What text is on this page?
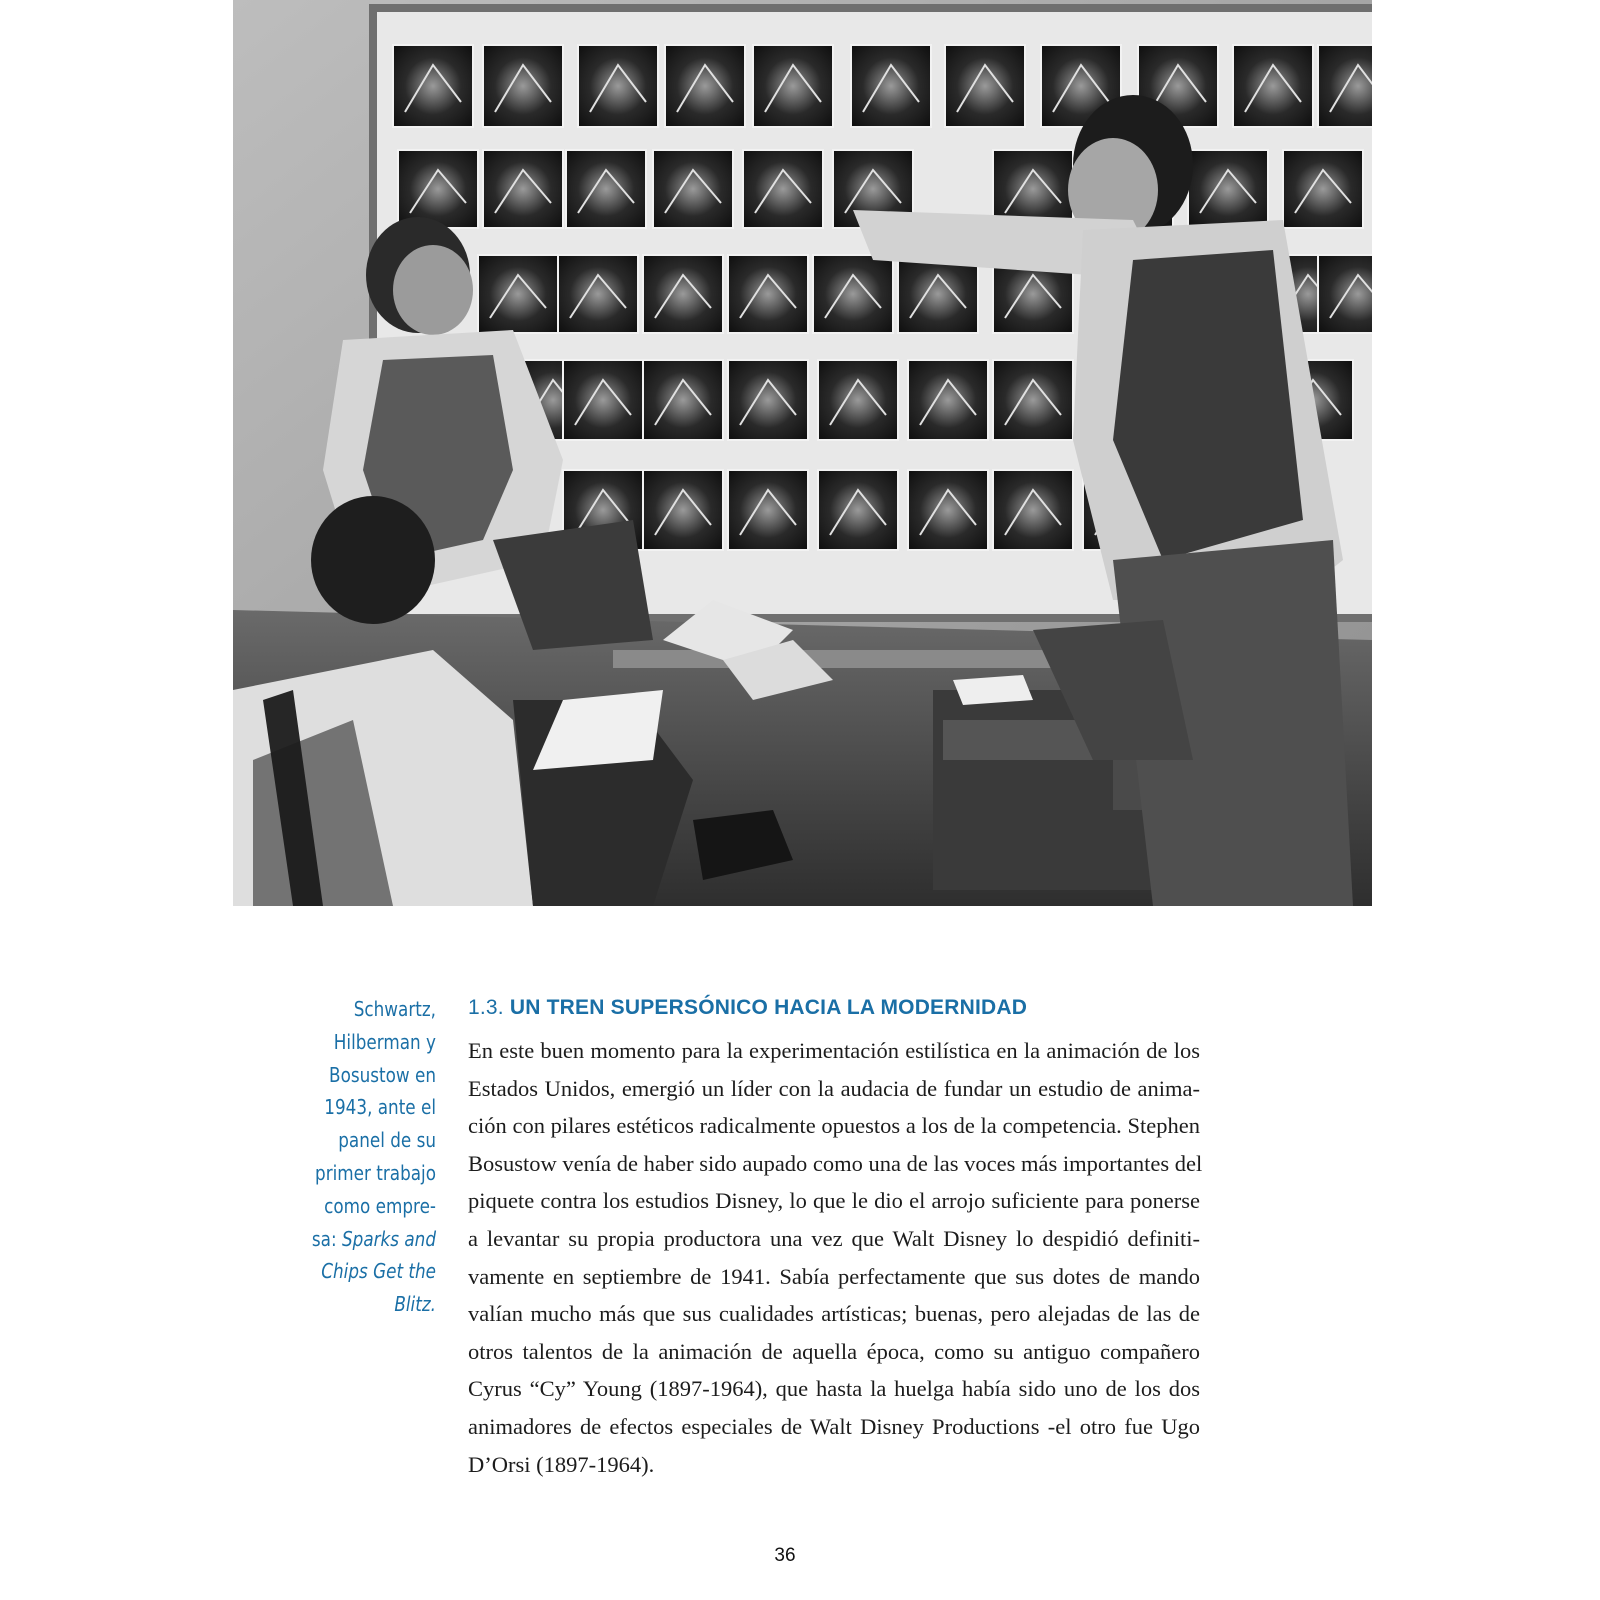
Schwartz,
Hilberman y
Bosustow en
1943, ante el
panel de su
primer trabajo
como empre-
sa: Sparks and
Chips Get the
Blitz.
1.3. UN TREN SUPERSÓNICO HACIA LA MODERNIDAD
En este buen momento para la experimentación estilística en la animación de los
Estados Unidos, emergió un líder con la audacia de fundar un estudio de anima-
ción con pilares estéticos radicalmente opuestos a los de la competencia. Stephen
Bosustow venía de haber sido aupado como una de las voces más importantes del
piquete contra los estudios Disney, lo que le dio el arrojo suficiente para ponerse
a levantar su propia productora una vez que Walt Disney lo despidió definiti-
vamente en septiembre de 1941. Sabía perfectamente que sus dotes de mando
valían mucho más que sus cualidades artísticas; buenas, pero alejadas de las de
otros talentos de la animación de aquella época, como su antiguo compañero
Cyrus “Cy” Young (1897-1964), que hasta la huelga había sido uno de los dos
animadores de efectos especiales de Walt Disney Productions -el otro fue Ugo
D’Orsi (1897-1964).
36
